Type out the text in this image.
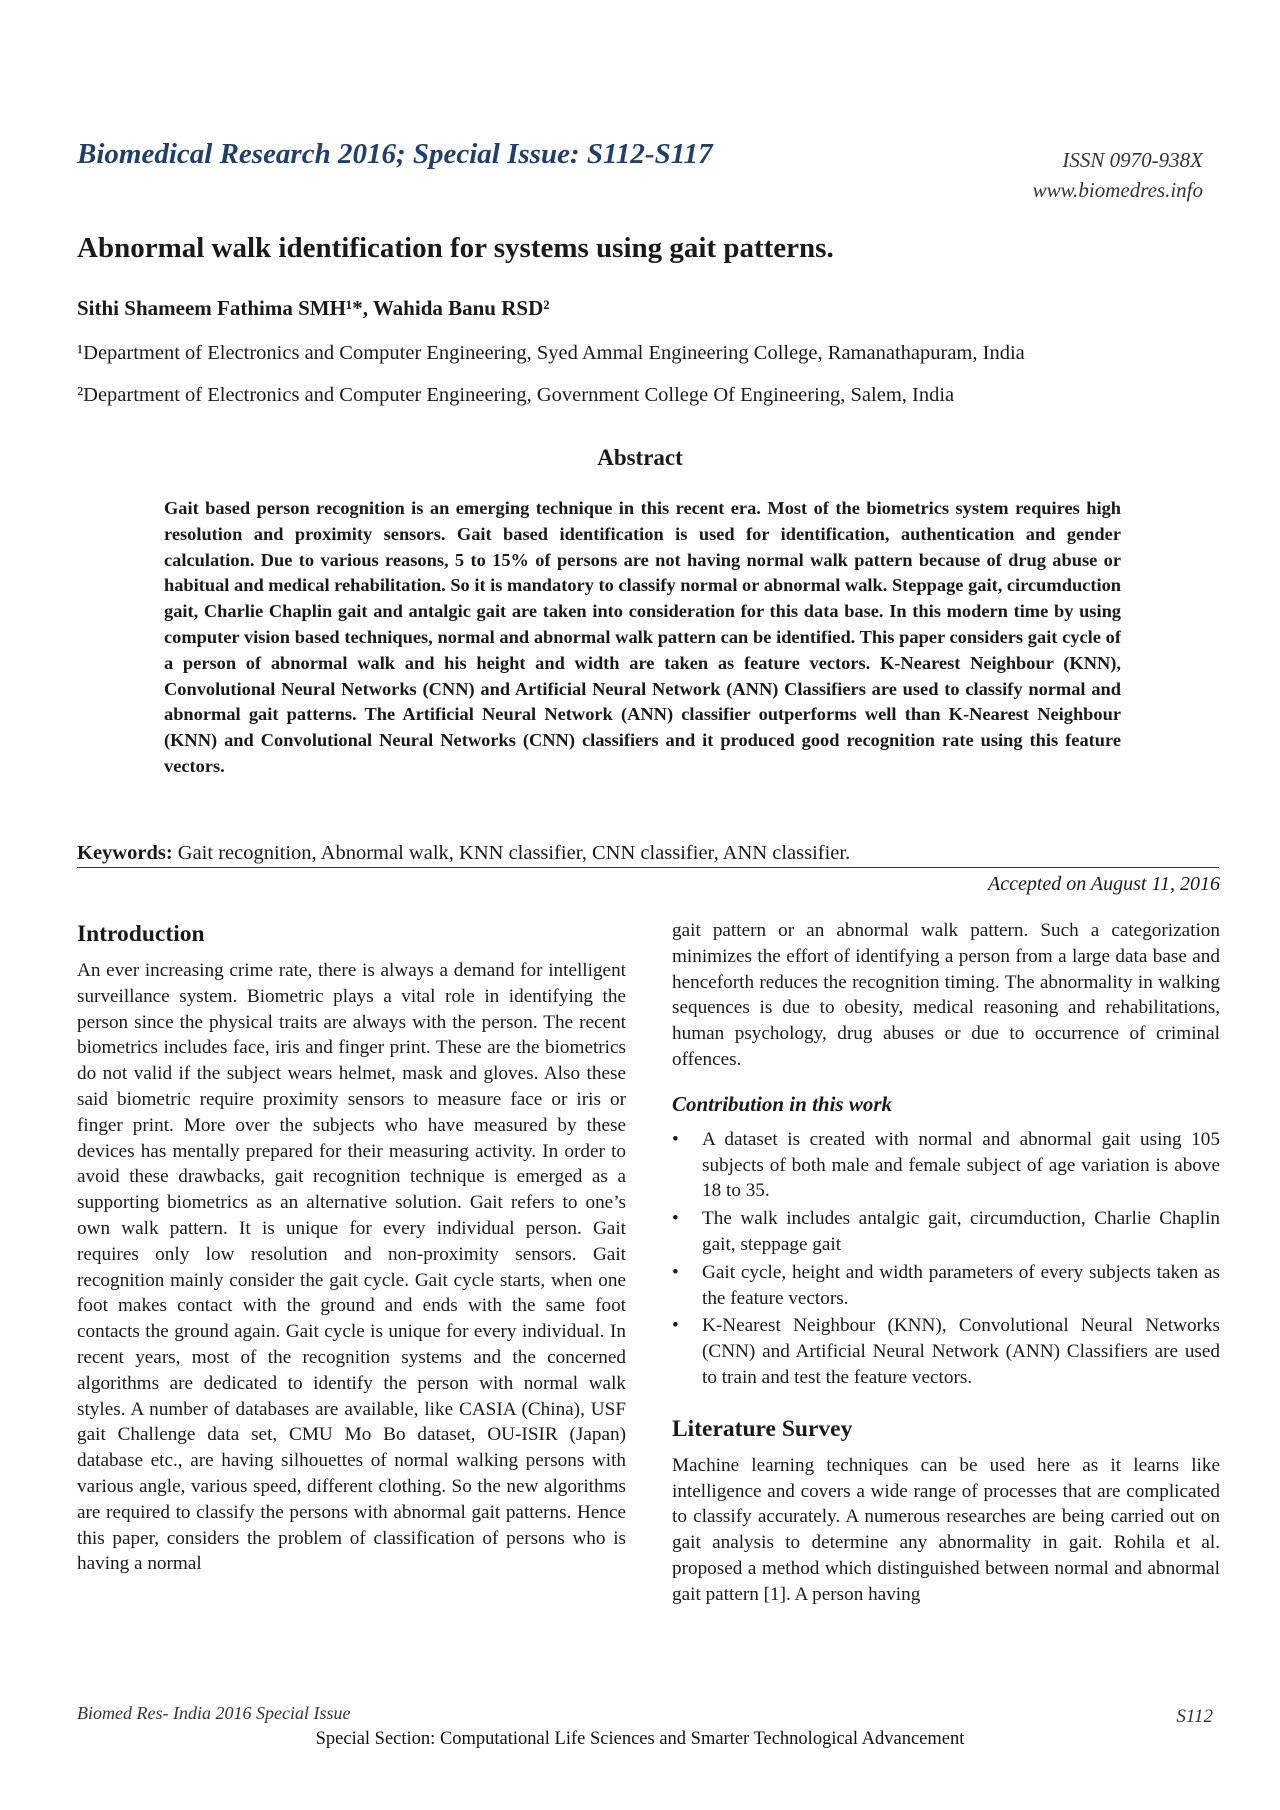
Biomedical Research 2016; Special Issue: S112-S117	ISSN 0970-938X
www.biomedres.info
Abnormal walk identification for systems using gait patterns.
Sithi Shameem Fathima SMH¹*, Wahida Banu RSD²
¹Department of Electronics and Computer Engineering, Syed Ammal Engineering College, Ramanathapuram, India
²Department of Electronics and Computer Engineering, Government College Of Engineering, Salem, India
Abstract
Gait based person recognition is an emerging technique in this recent era. Most of the biometrics system requires high resolution and proximity sensors. Gait based identification is used for identification, authentication and gender calculation. Due to various reasons, 5 to 15% of persons are not having normal walk pattern because of drug abuse or habitual and medical rehabilitation. So it is mandatory to classify normal or abnormal walk. Steppage gait, circumduction gait, Charlie Chaplin gait and antalgic gait are taken into consideration for this data base. In this modern time by using computer vision based techniques, normal and abnormal walk pattern can be identified. This paper considers gait cycle of a person of abnormal walk and his height and width are taken as feature vectors. K-Nearest Neighbour (KNN), Convolutional Neural Networks (CNN) and Artificial Neural Network (ANN) Classifiers are used to classify normal and abnormal gait patterns. The Artificial Neural Network (ANN) classifier outperforms well than K-Nearest Neighbour (KNN) and Convolutional Neural Networks (CNN) classifiers and it produced good recognition rate using this feature vectors.
Keywords: Gait recognition, Abnormal walk, KNN classifier, CNN classifier, ANN classifier.
Accepted on August 11, 2016
Introduction

An ever increasing crime rate, there is always a demand for intelligent surveillance system. Biometric plays a vital role in identifying the person since the physical traits are always with the person. The recent biometrics includes face, iris and finger print. These are the biometrics do not valid if the subject wears helmet, mask and gloves. Also these said biometric require proximity sensors to measure face or iris or finger print. More over the subjects who have measured by these devices has mentally prepared for their measuring activity. In order to avoid these drawbacks, gait recognition technique is emerged as a supporting biometrics as an alternative solution. Gait refers to one’s own walk pattern. It is unique for every individual person. Gait requires only low resolution and non-proximity sensors. Gait recognition mainly consider the gait cycle. Gait cycle starts, when one foot makes contact with the ground and ends with the same foot contacts the ground again. Gait cycle is unique for every individual. In recent years, most of the recognition systems and the concerned algorithms are dedicated to identify the person with normal walk styles. A number of databases are available, like CASIA (China), USF gait Challenge data set, CMU Mo Bo dataset, OU-ISIR (Japan) database etc., are having silhouettes of normal walking persons with various angle, various speed, different clothing. So the new algorithms are required to classify the persons with abnormal gait patterns. Hence this paper, considers the problem of classification of persons who is having a normal

gait pattern or an abnormal walk pattern. Such a categorization minimizes the effort of identifying a person from a large data base and henceforth reduces the recognition timing. The abnormality in walking sequences is due to obesity, medical reasoning and rehabilitations, human psychology, drug abuses or due to occurrence of criminal offences.

Contribution in this work
• A dataset is created with normal and abnormal gait using 105 subjects of both male and female subject of age variation is above 18 to 35.
• The walk includes antalgic gait, circumduction, Charlie Chaplin gait, steppage gait
• Gait cycle, height and width parameters of every subjects taken as the feature vectors.
• K-Nearest Neighbour (KNN), Convolutional Neural Networks (CNN) and Artificial Neural Network (ANN) Classifiers are used to train and test the feature vectors.
Literature Survey

Machine learning techniques can be used here as it learns like intelligence and covers a wide range of processes that are complicated to classify accurately. A numerous researches are being carried out on gait analysis to determine any abnormality in gait. Rohila et al. proposed a method which distinguished between normal and abnormal gait pattern [1]. A person having

Biomed Res- India 2016 Special Issue	S112
Special Section: Computational Life Sciences and Smarter Technological Advancement
